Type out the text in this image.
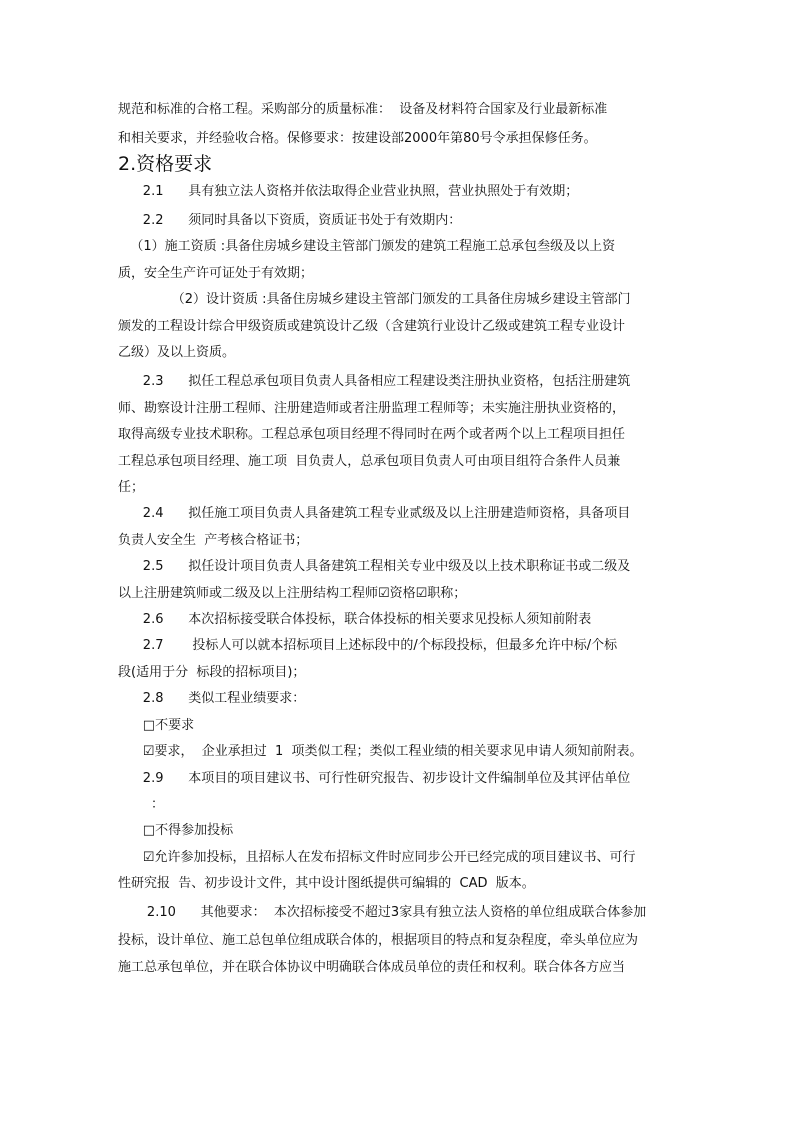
规范和标准的合格工程。采购部分的质量标准：  设备及材料符合国家及行业最新标准
和相关要求，并经验收合格。保修要求：按建设部2000年第80号令承担保修任务。
2.资格要求
2.1      具有独立法人资格并依法取得企业营业执照，营业执照处于有效期；
2.2      须同时具备以下资质，资质证书处于有效期内：
（1）施工资质 :具备住房城乡建设主管部门颁发的建筑工程施工总承包叁级及以上资
质，安全生产许可证处于有效期；
（2）设计资质 :具备住房城乡建设主管部门颁发的工具备住房城乡建设主管部门
颁发的工程设计综合甲级资质或建筑设计乙级（含建筑行业设计乙级或建筑工程专业设计
乙级）及以上资质。
2.3      拟任工程总承包项目负责人具备相应工程建设类注册执业资格，包括注册建筑
师、勘察设计注册工程师、注册建造师或者注册监理工程师等；未实施注册执业资格的，
取得高级专业技术职称。工程总承包项目经理不得同时在两个或者两个以上工程项目担任
工程总承包项目经理、施工项  目负责人，总承包项目负责人可由项目组符合条件人员兼
任；
2.4      拟任施工项目负责人具备建筑工程专业贰级及以上注册建造师资格，具备项目
负责人安全生  产考核合格证书；
2.5      拟任设计项目负责人具备建筑工程相关专业中级及以上技术职称证书或二级及
以上注册建筑师或二级及以上注册结构工程师☑资格☑职称；
2.6      本次招标接受联合体投标，联合体投标的相关要求见投标人须知前附表
2.7       投标人可以就本招标项目上述标段中的/个标段投标，但最多允许中标/个标
段(适用于分  标段的招标项目)；
2.8      类似工程业绩要求：
□不要求
☑要求，  企业承担过  1  项类似工程；类似工程业绩的相关要求见申请人须知前附表。
2.9      本项目的项目建议书、可行性研究报告、初步设计文件编制单位及其评估单位
：
□不得参加投标
☑允许参加投标，且招标人在发布招标文件时应同步公开已经完成的项目建议书、可行
性研究报  告、初步设计文件，其中设计图纸提供可编辑的  CAD  版本。
2.10      其他要求：  本次招标接受不超过3家具有独立法人资格的单位组成联合体参加
投标，设计单位、施工总包单位组成联合体的，根据项目的特点和复杂程度，牵头单位应为
施工总承包单位，并在联合体协议中明确联合体成员单位的责任和权利。联合体各方应当
